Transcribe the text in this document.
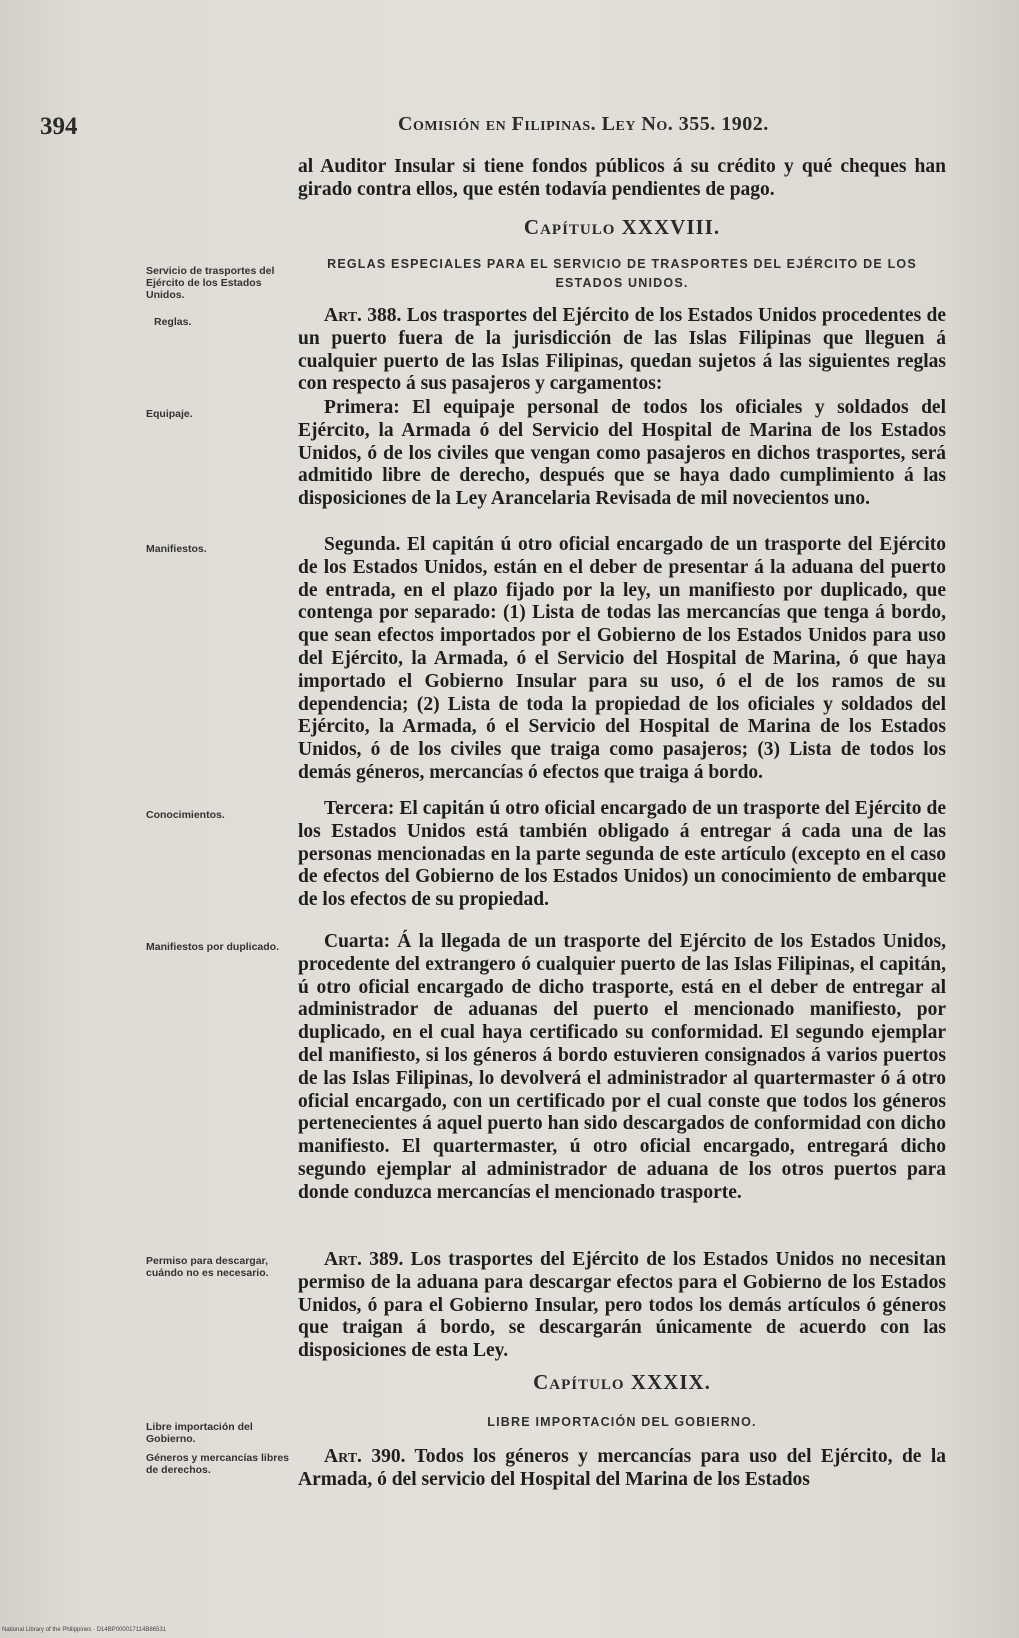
394	Comisión en Filipinas. Ley No. 355. 1902.
Servicio de trasportes del Ejército de los Estados Unidos.
Reglas.
Equipaje.
Manifiestos.
Conocimientos.
Manifiestos por duplicado.
Permiso para descargar, cuándo no es necesario.
Libre importación del Gobierno.
Géneros y mercancías libres de derechos.
al Auditor Insular si tiene fondos públicos á su crédito y qué cheques han girado contra ellos, que estén todavía pendientes de pago.
Capítulo XXXVIII.
REGLAS ESPECIALES PARA EL SERVICIO DE TRASPORTES DEL EJÉRCITO DE LOS ESTADOS UNIDOS.
Art. 388. Los trasportes del Ejército de los Estados Unidos procedentes de un puerto fuera de la jurisdicción de las Islas Filipinas que lleguen á cualquier puerto de las Islas Filipinas, quedan sujetos á las siguientes reglas con respecto á sus pasajeros y cargamentos:
Primera: El equipaje personal de todos los oficiales y soldados del Ejército, la Armada ó del Servicio del Hospital de Marina de los Estados Unidos, ó de los civiles que vengan como pasajeros en dichos trasportes, será admitido libre de derecho, después que se haya dado cumplimiento á las disposiciones de la Ley Arancelaria Revisada de mil novecientos uno.
Segunda. El capitán ú otro oficial encargado de un trasporte del Ejército de los Estados Unidos, están en el deber de presentar á la aduana del puerto de entrada, en el plazo fijado por la ley, un manifiesto por duplicado, que contenga por separado: (1) Lista de todas las mercancías que tenga á bordo, que sean efectos importados por el Gobierno de los Estados Unidos para uso del Ejército, la Armada, ó el Servicio del Hospital de Marina, ó que haya importado el Gobierno Insular para su uso, ó el de los ramos de su dependencia; (2) Lista de toda la propiedad de los oficiales y soldados del Ejército, la Armada, ó el Servicio del Hospital de Marina de los Estados Unidos, ó de los civiles que traiga como pasajeros; (3) Lista de todos los demás géneros, mercancías ó efectos que traiga á bordo.
Tercera: El capitán ú otro oficial encargado de un trasporte del Ejército de los Estados Unidos está también obligado á entregar á cada una de las personas mencionadas en la parte segunda de este artículo (excepto en el caso de efectos del Gobierno de los Estados Unidos) un conocimiento de embarque de los efectos de su propiedad.
Cuarta: Á la llegada de un trasporte del Ejército de los Estados Unidos, procedente del extrangero ó cualquier puerto de las Islas Filipinas, el capitán, ú otro oficial encargado de dicho trasporte, está en el deber de entregar al administrador de aduanas del puerto el mencionado manifiesto, por duplicado, en el cual haya certificado su conformidad. El segundo ejemplar del manifiesto, si los géneros á bordo estuvieren consignados á varios puertos de las Islas Filipinas, lo devolverá el administrador al quartermaster ó á otro oficial encargado, con un certificado por el cual conste que todos los géneros pertenecientes á aquel puerto han sido descargados de conformidad con dicho manifiesto. El quartermaster, ú otro oficial encargado, entregará dicho segundo ejemplar al administrador de aduana de los otros puertos para donde conduzca mercancías el mencionado trasporte.
Art. 389. Los trasportes del Ejército de los Estados Unidos no necesitan permiso de la aduana para descargar efectos para el Gobierno de los Estados Unidos, ó para el Gobierno Insular, pero todos los demás artículos ó géneros que traigan á bordo, se descargarán únicamente de acuerdo con las disposiciones de esta Ley.
Capítulo XXXIX.
LIBRE IMPORTACIÓN DEL GOBIERNO.
Art. 390. Todos los géneros y mercancías para uso del Ejército, de la Armada, ó del servicio del Hospital del Marina de los Estados
National Library of the Philippines · D14BP000017114B86531
